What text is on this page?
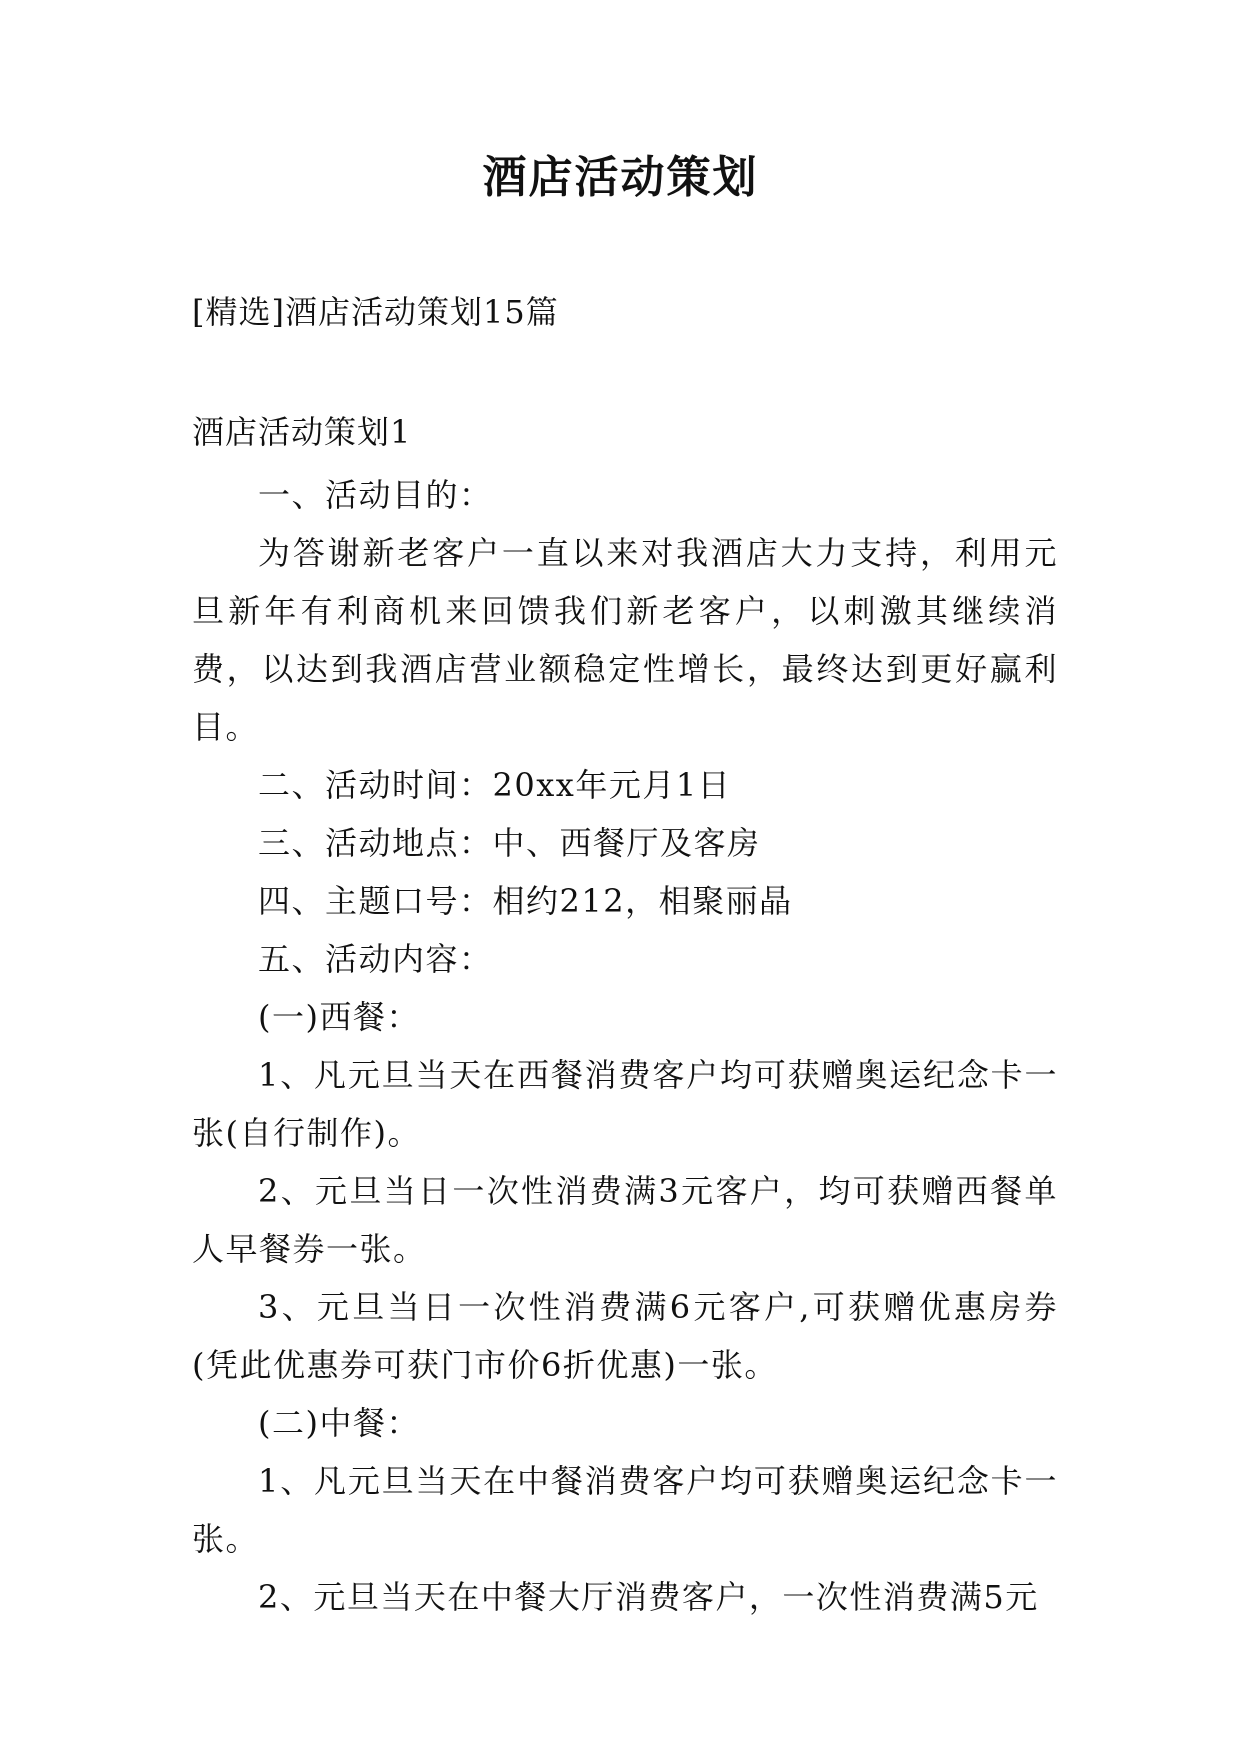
酒店活动策划
[精选]酒店活动策划15篇
酒店活动策划1

一、活动目的：

为答谢新老客户一直以来对我酒店大力支持，利用元旦新年有利商机来回馈我们新老客户，以刺激其继续消费，以达到我酒店营业额稳定性增长，最终达到更好赢利目。

二、活动时间：20xx年元月1日

三、活动地点：中、西餐厅及客房

四、主题口号：相约212，相聚丽晶

五、活动内容：

(一)西餐：

1、凡元旦当天在西餐消费客户均可获赠奥运纪念卡一张(自行制作)。

2、元旦当日一次性消费满3元客户，均可获赠西餐单人早餐券一张。

3、元旦当日一次性消费满6元客户,可获赠优惠房券(凭此优惠券可获门市价6折优惠)一张。

(二)中餐：

1、凡元旦当天在中餐消费客户均可获赠奥运纪念卡一张。

2、元旦当天在中餐大厅消费客户，一次性消费满5元
